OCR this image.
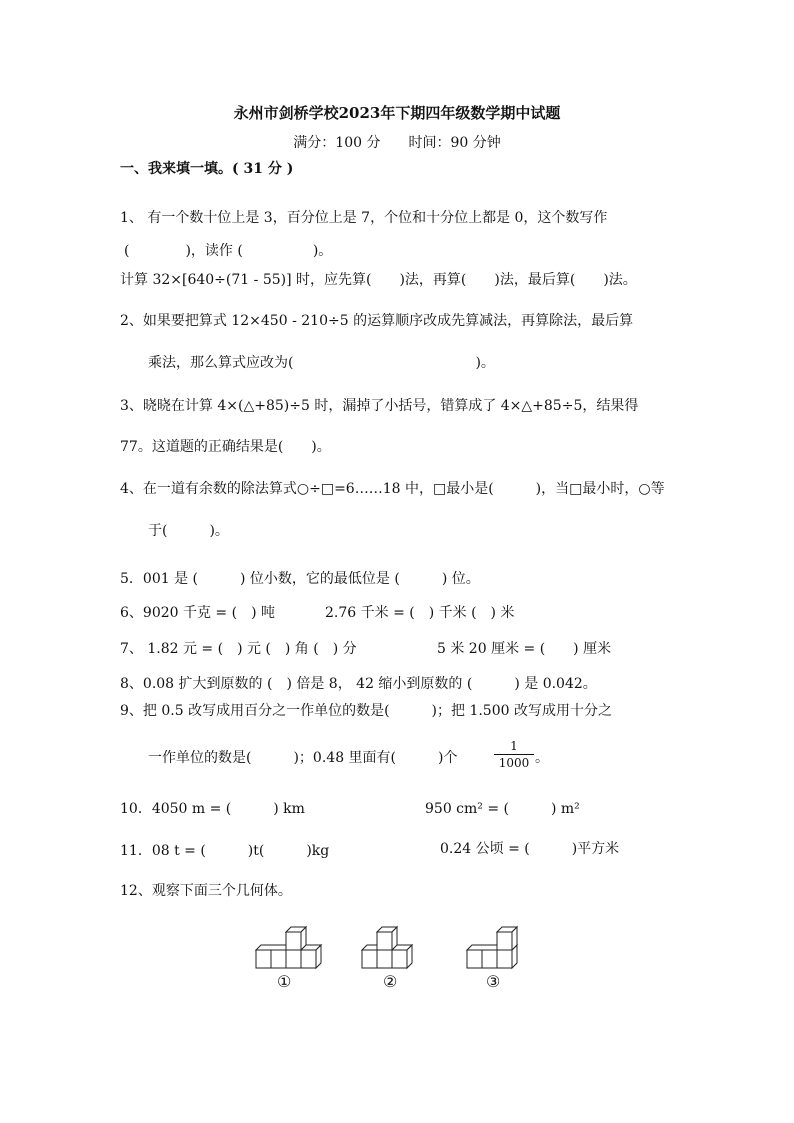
永州市剑桥学校2023年下期四年级数学期中试题
满分：100 分　　时间：90 分钟
一、我来填一填。( 31 分 )
1、 有一个数十位上是 3，百分位上是 7，个位和十分位上都是 0，这个数写作
(　　　　)，读作 (　　　　　)。
计算 32×[640÷(71 - 55)] 时，应先算(　　)法，再算(　　)法，最后算(　　)法。
2、如果要把算式 12×450 - 210÷5 的运算顺序改成先算减法，再算除法，最后算
乘法，那么算式应改为(　　　　　　　　　　　　　)。
3、晓晓在计算 4×(△+85)÷5 时，漏掉了小括号，错算成了 4×△+85÷5，结果得
77。这道题的正确结果是(　　)。
4、在一道有余数的除法算式○÷□=6……18 中，□最小是(　　　)，当□最小时，○等
于(　　　)。
5．001 是 (　　　) 位小数，它的最低位是 (　　　) 位。
6、9020 千克 = (　) 吨	2.76 千米 = (　) 千米 (　) 米
7、 1.82 元 = (　) 元 (　) 角 (　) 分	5 米 20 厘米 = (　　) 厘米
8、0.08 扩大到原数的 (　) 倍是 8， 42 缩小到原数的 (　　　) 是 0.042。
9、把 0.5 改写成用百分之一作单位的数是(　　　)；把 1.500 改写成用十分之
一作单位的数是(　　　)；0.48 里面有(　　　)个
1
1000 。
10．4050 m = (　　　) km	950 cm² = (　　　) m²
11．08 t = (　　　)t(　　　)kg	0.24 公顷 = (　　　)平方米
12、观察下面三个几何体。
①	②	③
